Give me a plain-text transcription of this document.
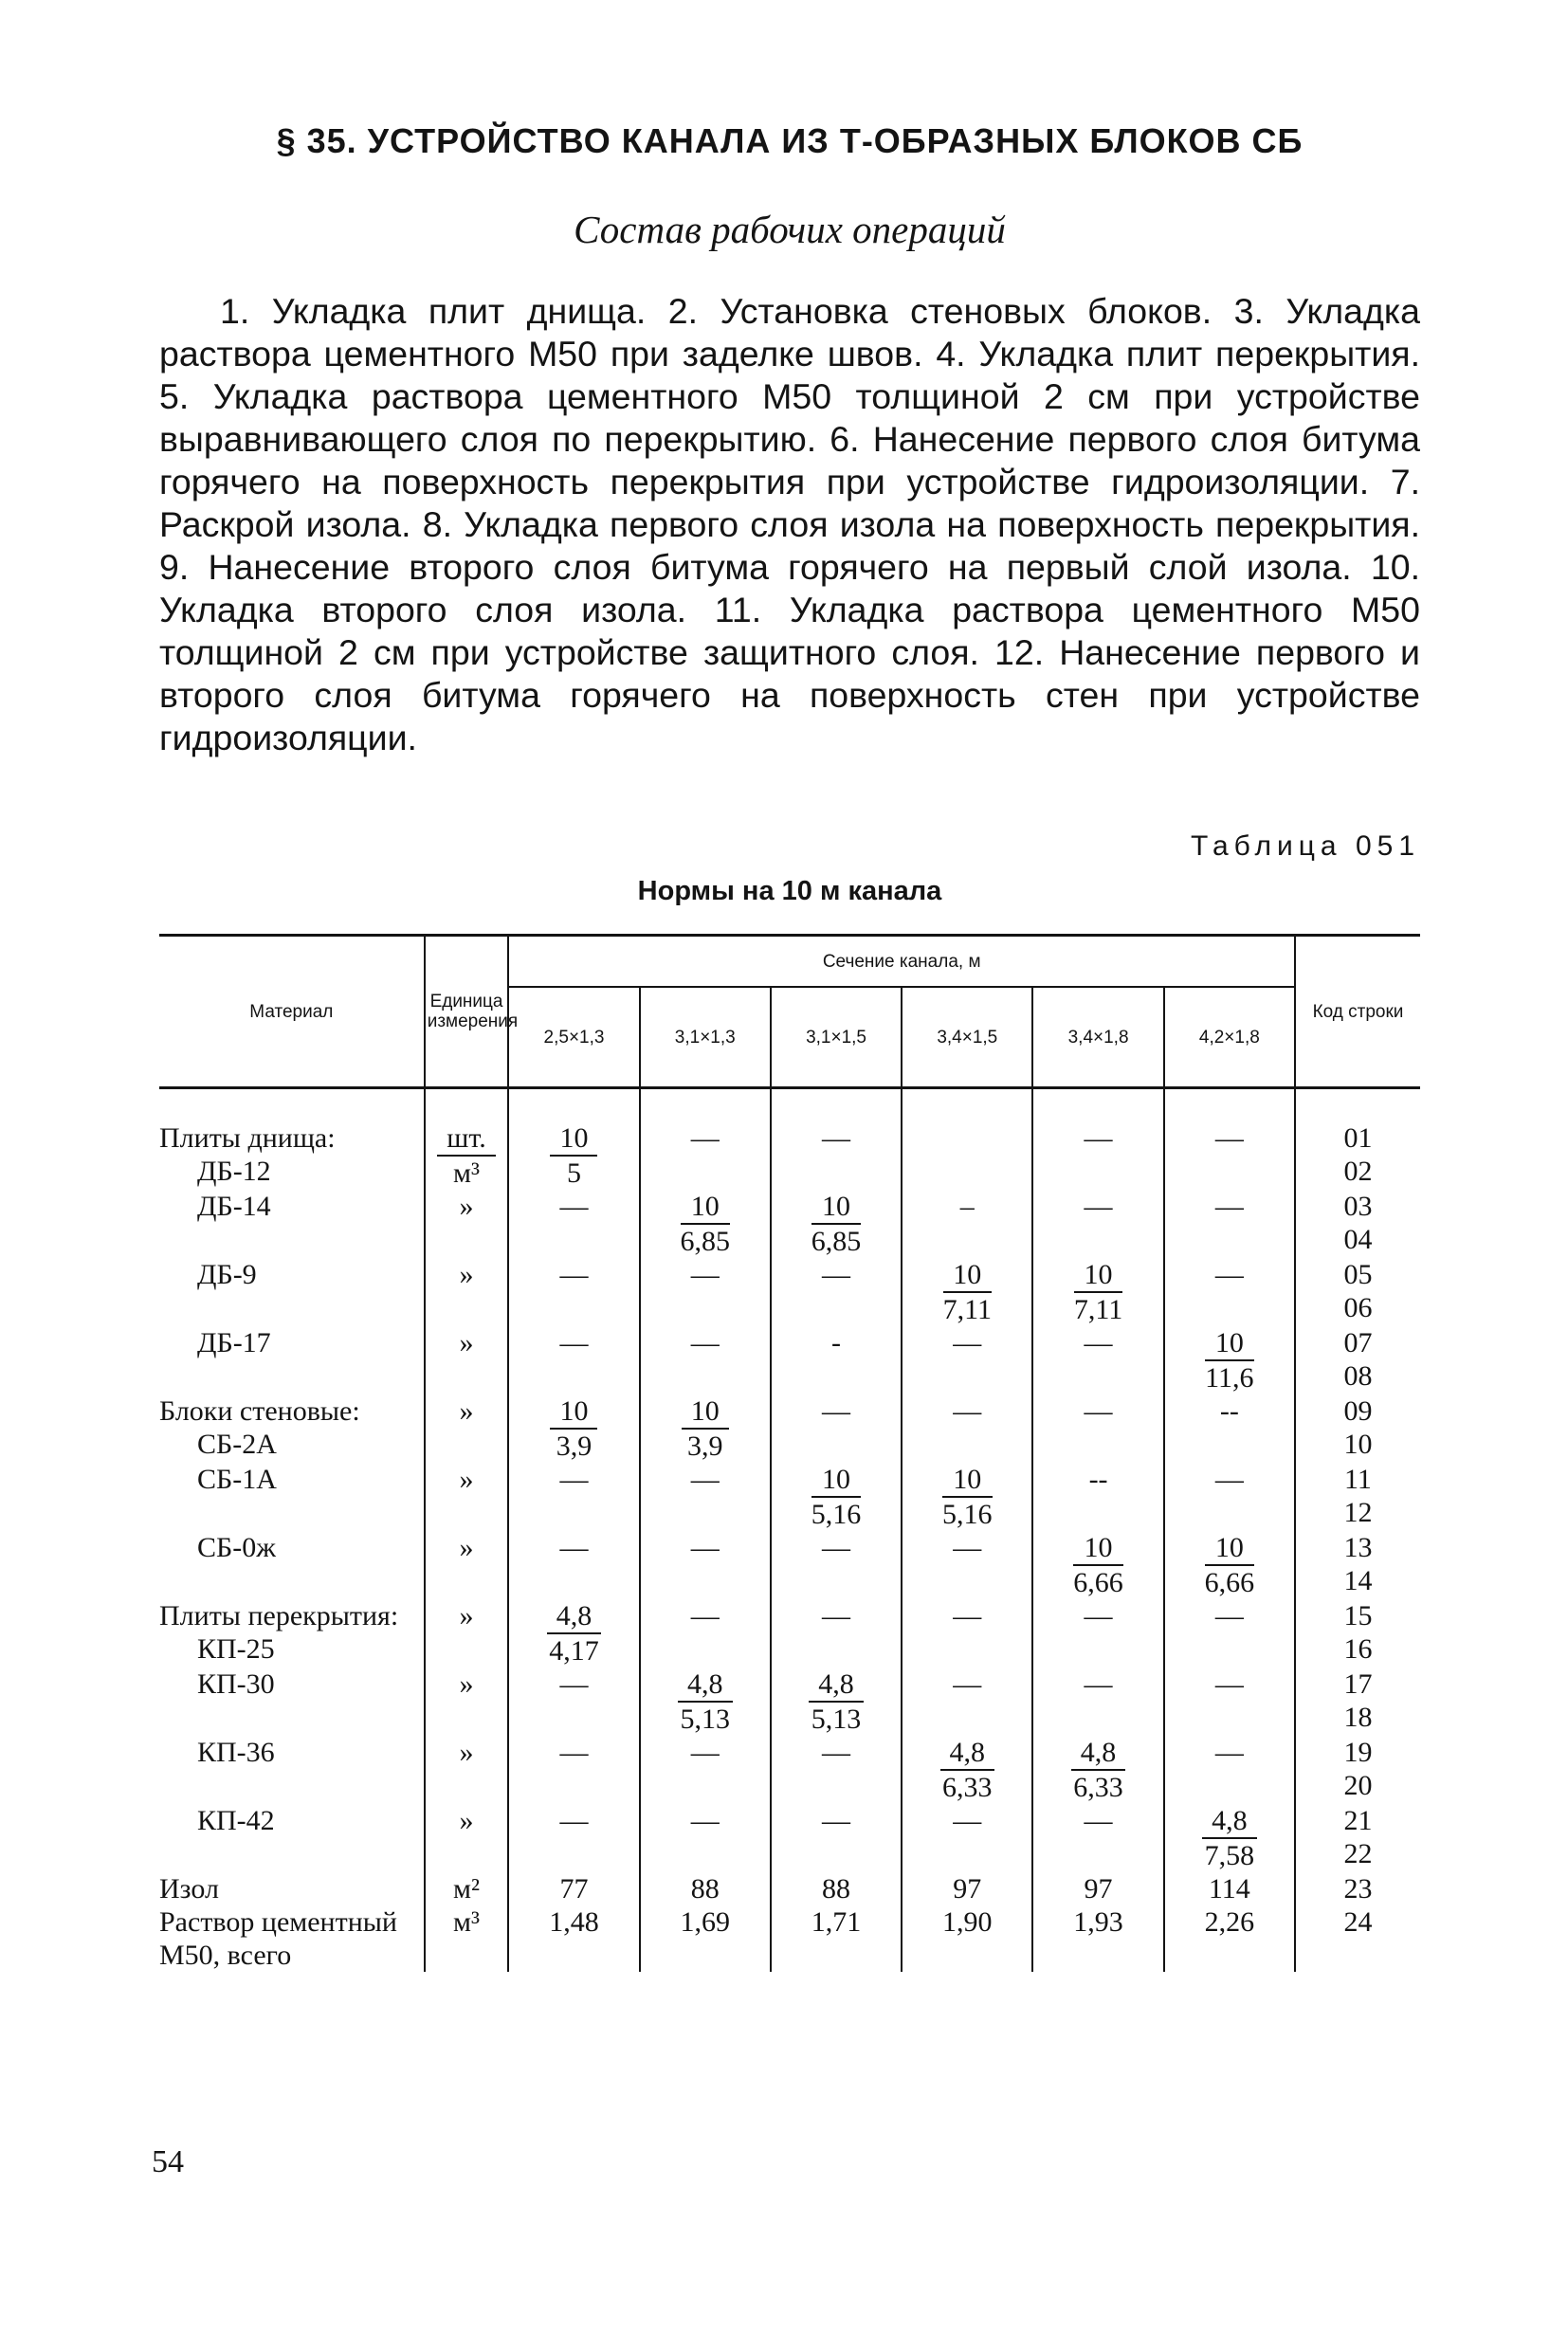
§ 35. УСТРОЙСТВО КАНАЛА ИЗ Т-ОБРАЗНЫХ БЛОКОВ СБ
Состав рабочих операций

1. Укладка плит днища. 2. Установка стеновых блоков. 3. Укладка раствора цементного М50 при заделке швов. 4. Укладка плит перекрытия. 5. Укладка раствора цементного М50 толщиной 2 см при устройстве выравнивающего слоя по перекрытию. 6. Нанесение первого слоя битума горячего на поверхность перекрытия при устройстве гидроизоляции. 7. Раскрой изола. 8. Укладка первого слоя изола на поверхность перекрытия. 9. Нанесение второго слоя битума горячего на первый слой изола. 10. Укладка второго слоя изола. 11. Укладка раствора цементного М50 толщиной 2 см при устройстве защитного слоя. 12. Нанесение первого и второго слоя битума горячего на поверхность стен при устройстве гидроизоляции.

Таблица 051
Нормы на 10 м канала
Материал	Единица измерения	Сечение канала, м						Код строки
		2,5×1,3	3,1×1,3	3,1×1,5	3,4×1,5	3,4×1,8	4,2×1,8	

Плиты днища:
ДБ-12	$\frac{шт.}{\text{м³}}$	$\frac{10}{5}$	—	—		—	—	01
02

ДБ-14	»	—	$\frac{10}{6,85}$	$\frac{10}{6,85}$	–	—	—	03
04

ДБ-9	»	—	—	—	$\frac{10}{7,11}$	$\frac{10}{7,11}$	—	05
06

ДБ-17	»	—	—	-	—	—	$\frac{10}{11,6}$	07
08

Блоки стеновые:
СБ-2А	»	$\frac{10}{3,9}$	$\frac{10}{3,9}$	—	—	—	--	09
10

СБ-1А	»	—	—	$\frac{10}{5,16}$	$\frac{10}{5,16}$	--	—	11
12

СБ-0ж	»	—	—	—	—	$\frac{10}{6,66}$	$\frac{10}{6,66}$	13
14

Плиты перекрытия:
КП-25	»	$\frac{4,8}{4,17}$	—	—	—	—	—	15
16

КП-30	»	—	$\frac{4,8}{5,13}$	$\frac{4,8}{5,13}$	—	—	—	17
18

КП-36	»	—	—	—	$\frac{4,8}{6,33}$	$\frac{4,8}{6,33}$	—	19
20

КП-42	»	—	—	—	—	—	$\frac{4,8}{7,58}$	21
22

Изол	м²	77	88	88	97	97	114	23

Раствор цементный М50, всего	м³	1,48	1,69	1,71	1,90	1,93	2,26	24
54
